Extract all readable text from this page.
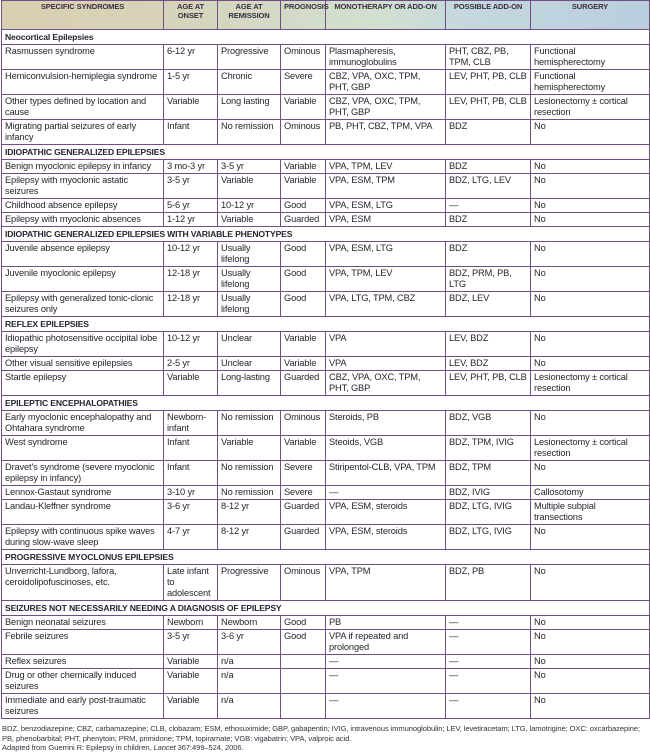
SPECIFIC SYNDROMES	AGE AT ONSET	AGE AT REMISSION	PROGNOSIS	MONOTHERAPY OR ADD-ON	POSSIBLE ADD-ON	SURGERY
Neocortical Epilepsies						
Rasmussen syndrome	6-12 yr	Progressive	Ominous	Plasmapheresis, immunoglobulins	PHT, CBZ, PB, TPM, CLB	Functional hemispherectomy
Hemiconvulsion-hemiplegia syndrome	1-5 yr	Chronic	Severe	CBZ, VPA, OXC, TPM, PHT, GBP	LEV, PHT, PB, CLB	Functional hemispherectomy
Other types defined by location and cause	Variable	Long lasting	Variable	CBZ, VPA, OXC, TPM, PHT, GBP	LEV, PHT, PB, CLB	Lesionectomy ± cortical resection
Migrating partial seizures of early infancy	Infant	No remission	Ominous	PB, PHT, CBZ, TPM, VPA	BDZ	No
IDIOPATHIC GENERALIZED EPILEPSIES						
Benign myoclonic epilepsy in infancy	3 mo-3 yr	3-5 yr	Variable	VPA, TPM, LEV	BDZ	No
Epilepsy with myoclonic astatic seizures	3-5 yr	Variable	Variable	VPA, ESM, TPM	BDZ, LTG, LEV	No
Childhood absence epilepsy	5-6 yr	10-12 yr	Good	VPA, ESM, LTG	—	No
Epilepsy with myoclonic absences	1-12 yr	Variable	Guarded	VPA, ESM	BDZ	No
IDIOPATHIC GENERALIZED EPILEPSIES WITH VARIABLE PHENOTYPES						
Juvenile absence epilepsy	10-12 yr	Usually lifelong	Good	VPA, ESM, LTG	BDZ	No
Juvenile myoclonic epilepsy	12-18 yr	Usually lifelong	Good	VPA, TPM, LEV	BDZ, PRM, PB, LTG	No
Epilepsy with generalized tonic-clonic seizures only	12-18 yr	Usually lifelong	Good	VPA, LTG, TPM, CBZ	BDZ, LEV	No
REFLEX EPILEPSIES						
Idiopathic photosensitive occipital lobe epilepsy	10-12 yr	Unclear	Variable	VPA	LEV, BDZ	No
Other visual sensitive epilepsies	2-5 yr	Unclear	Variable	VPA	LEV, BDZ	No
Startle epilepsy	Variable	Long-lasting	Guarded	CBZ, VPA, OXC, TPM, PHT, GBP	LEV, PHT, PB, CLB	Lesionectomy ± cortical resection
EPILEPTIC ENCEPHALOPATHIES						
Early myoclonic encephalopathy and Ohtahara syndrome	Newborn-infant	No remission	Ominous	Steroids, PB	BDZ, VGB	No
West syndrome	Infant	Variable	Variable	Steoids, VGB	BDZ, TPM, IVIG	Lesionectomy ± cortical resection
Dravet's syndrome (severe myoclonic epilepsy in infancy)	Infant	No remission	Severe	Stiripentol-CLB, VPA, TPM	BDZ, TPM	No
Lennox-Gastaut syndrome	3-10 yr	No remission	Severe	—	BDZ, IVIG	Callosotomy
Landau-Kleffner syndrome	3-6 yr	8-12 yr	Guarded	VPA, ESM, steroids	BDZ, LTG, IVIG	Multiple subpial transections
Epilepsy with continuous spike waves during slow-wave sleep	4-7 yr	8-12 yr	Guarded	VPA, ESM, steroids	BDZ, LTG, IVIG	No
PROGRESSIVE MYOCLONUS EPILEPSIES						
Unverricht-Lundborg, lafora, ceroidolipofuscinoses, etc.	Late infant to adolescent	Progressive	Ominous	VPA, TPM	BDZ, PB	No
SEIZURES NOT NECESSARILY NEEDING A DIAGNOSIS OF EPILEPSY						
Benign neonatal seizures	Newborn	Newborn	Good	PB	—	No
Febrile seizures	3-5 yr	3-6 yr	Good	VPA if repeated and prolonged	—	No
Reflex seizures	Variable	n/a		—	—	No
Drug or other chemically induced seizures	Variable	n/a		—	—	No
Immediate and early post-traumatic seizures	Variable	n/a		—	—	No
BDZ, benzodiazepine; CBZ, carbamazepine; CLB, clobazam; ESM, ethosuximide; GBP, gabapentin; IVIG, intravenous immunoglobulin; LEV, levetiracetam; LTG, lamotrigine; OXC: oxcarbazepine; PB, phenobarbital; PHT, phenytoin; PRM, primidone; TPM, topiramate; VGB: vigabatrin; VPA, valproic acid.
Adapted from Guerrini R: Epilepsy in children, Lancet 367:499–524, 2006.
